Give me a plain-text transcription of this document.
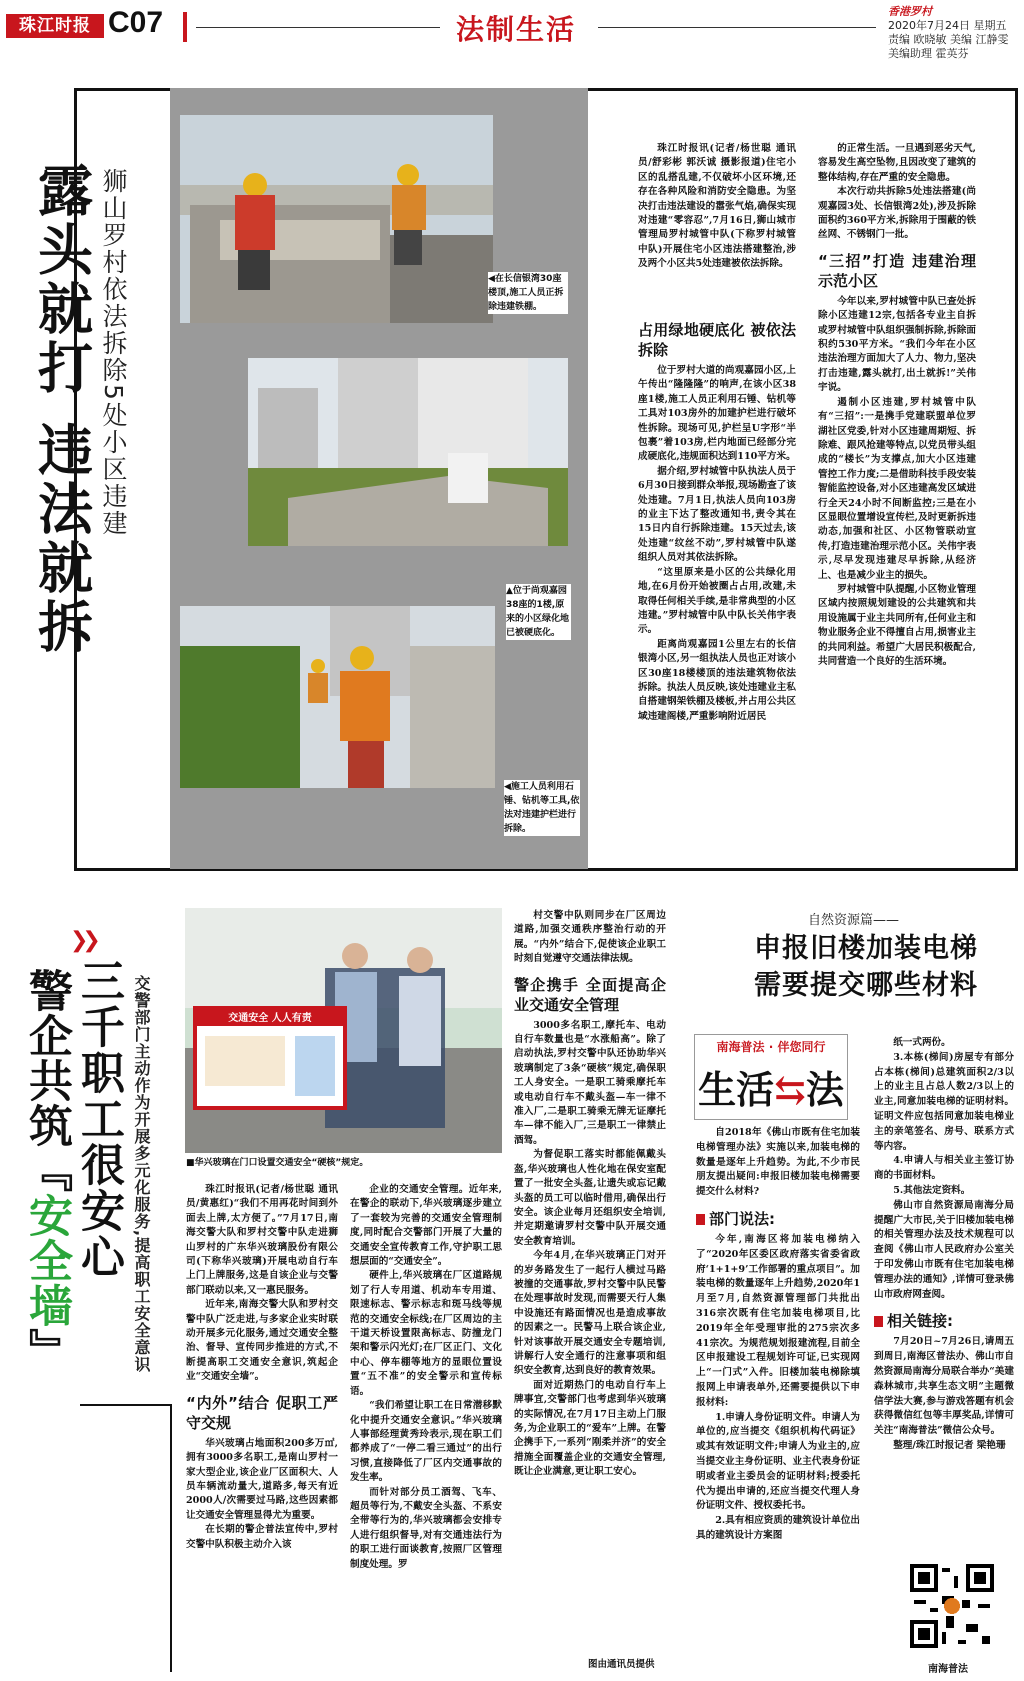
珠江时报 C07	法制生活
香港罗村
2020年7月24日 星期五
责编 欧晓敏 美编 江静雯
美编助理 霍英芬
露头就打 违法就拆 狮山罗村依法拆除5处小区违建	◀在长信银湾30座楼顶,施工人员正拆除违建铁棚。
▲位于尚观嘉园38座的1楼,原来的小区绿化地已被硬底化。
◀施工人员利用石锤、钻机等工具,依法对违建护栏进行拆除。

珠江时报讯(记者/杨世聪 通讯员/舒彩彬 郭沃诚 摄影报道)住宅小区的乱搭乱建,不仅破坏小区环境,还存在各种风险和消防安全隐患。为坚决打击违法建设的嚣张气焰,确保实现对违建“零容忍”,7月16日,狮山城市管理局罗村城管中队(下称罗村城管中队)开展住宅小区违法搭建整治,涉及两个小区共5处违建被依法拆除。

占用绿地硬底化 被依法拆除

位于罗村大道的尚观嘉园小区,上午传出“隆隆隆”的响声,在该小区38座1楼,施工人员正利用石锤、钻机等工具对103房外的加建护栏进行破坏性拆除。现场可见,护栏呈U字形“半包裹”着103房,栏内地面已经部分完成硬底化,违规面积达到110平方米。

据介绍,罗村城管中队执法人员于6月30日接到群众举报,现场勘查了该处违建。7月1日,执法人员向103房的业主下达了整改通知书,责令其在15日内自行拆除违建。15天过去,该处违建“纹丝不动”,罗村城管中队遂组织人员对其依法拆除。

“这里原来是小区的公共绿化用地,在6月份开始被圈占占用,改建,未取得任何相关手续,是非常典型的小区违建。”罗村城管中队中队长关伟宇表示。

距离尚观嘉园1公里左右的长信银湾小区,另一组执法人员也正对该小区30座18楼楼顶的违法建筑物依法拆除。执法人员反映,该处违建业主私自搭建钢架铁棚及楼板,并占用公共区域违建阁楼,严重影响附近居民

的正常生活。一旦遇到恶劣天气,容易发生高空坠物,且因改变了建筑的整体结构,存在严重的安全隐患。

本次行动共拆除5处违法搭建(尚观嘉园3处、长信银湾2处),涉及拆除面积约360平方米,拆除用于围蔽的铁丝网、不锈钢门一批。

“三招”打造 违建治理示范小区

今年以来,罗村城管中队已查处拆除小区违建12宗,包括各专业主自拆或罗村城管中队组织强制拆除,拆除面积约530平方米。“我们今年在小区违法治理方面加大了人力、物力,坚决打击违建,露头就打,出土就拆!”关伟宇说。

遏制小区违建,罗村城管中队有“三招”:一是携手党建联盟单位罗湖社区党委,针对小区违建周期短、拆除难、跟风抢建等特点,以党员带头组成的“楼长”为支撑点,加大小区违建管控工作力度;二是借助科技手段安装智能监控设备,对小区违建高发区域进行全天24小时不间断监控;三是在小区显眼位置增设宣传栏,及时更新拆违动态,加强和社区、小区物管联动宣传,打造违建治理示范小区。关伟宇表示,尽早发现违建尽早拆除,从经济上、也是减少业主的损失。

罗村城管中队提醒,小区物业管理区域内按照规划建设的公共建筑和共用设施属于业主共同所有,任何业主和物业服务企业不得擅自占用,损害业主的共同利益。希望广大居民积极配合,共同营造一个良好的生活环境。

❯❯
警企共筑『安全墙』
三千职工很安心 交警部门主动作为开展多元化服务,提高职工安全意识	交通安全 人人有责
■华兴玻璃在门口设置交通安全“硬核”规定。

珠江时报讯(记者/杨世聪 通讯员/黄惠红)“我们不用再花时间到外面去上牌,太方便了。”7月17日,南海交警大队和罗村交警中队走进狮山罗村的广东华兴玻璃股份有限公司(下称华兴玻璃)开展电动自行车上门上牌服务,这是自该企业与交警部门联动以来,又一惠民服务。

近年来,南海交警大队和罗村交警中队广泛走进,与多家企业实时联动开展多元化服务,通过交通安全整治、督导、宣传同步推进的方式,不断提高职工交通安全意识,筑起企业“交通安全墙”。

“内外”结合 促职工严守交规

华兴玻璃占地面积200多万㎡,拥有3000多名职工,是南山罗村一家大型企业,该企业厂区面积大、人员车辆流动量大,道路多,每天有近2000人/次需要过马路,这些因素都让交通安全管理显得尤为重要。

在长期的警企普法宣传中,罗村交警中队积极主动介入该

企业的交通安全管理。近年来,在警企的联动下,华兴玻璃逐步建立了一套较为完善的交通安全管理制度,同时配合交警部门开展了大量的交通安全宣传教育工作,守护职工思想层面的“交通安全”。

硬件上,华兴玻璃在厂区道路规划了行人专用道、机动车专用道、限速标志、警示标志和斑马线等规范的交通安全标线;在厂区周边的主干道天桥设置限高标志、防撞龙门架和警示闪光灯;在厂区正门、文化中心、停车棚等地方的显眼位置设置“五不准”的安全警示和宣传标语。

“我们希望让职工在日常潜移默化中提升交通安全意识。”华兴玻璃人事部经理黄秀玲表示,现在职工们都养成了“一停二看三通过”的出行习惯,直接降低了厂区内交通事故的发生率。

而针对部分员工酒驾、飞车、超员等行为,不戴安全头盔、不系安全带等行为的,华兴玻璃都会安排专人进行组织督导,对有交通违法行为的职工进行面谈教育,按照厂区管理制度处理。罗

村交警中队则同步在厂区周边道路,加强交通秩序整治行动的开展。“内外”结合下,促使该企业职工时刻自觉遵守交通法律法规。

警企携手 全面提高企业交通安全管理

3000多名职工,摩托车、电动自行车数量也是“水涨船高”。除了启动执法,罗村交警中队还协助华兴玻璃制定了3条“硬核”规定,确保职工人身安全。一是职工骑乘摩托车或电动自行车不戴头盔—车一律不准入厂,二是职工骑乘无牌无证摩托车—律不能入厂,三是职工一律禁止酒驾。

为督促职工落实时都能佩戴头盔,华兴玻璃也人性化地在保安室配置了一批安全头盔,让遗失或忘记戴头盔的员工可以临时借用,确保出行安全。该企业每月还组织安全培训,并定期邀请罗村交警中队开展交通安全教育培训。

今年4月,在华兴玻璃正门对开的岁务路发生了一起行人横过马路被撞的交通事故,罗村交警中队民警在处理事故时发现,而需要天行人集中设施还有路面情况也是造成事故的因素之一。民警马上联合该企业,针对该事故开展交通安全专题培训,讲解行人安全通行的注意事项和组织安全教育,达到良好的教育效果。

面对近期热门的电动自行车上牌事宜,交警部门也考虑到华兴玻璃的实际情况,在7月17日主动上门服务,为企业职工的“爱车”上牌。在警企携手下,一系列“刚柔并济”的安全措施全面覆盖企业的交通安全管理,既让企业满意,更让职工安心。

图由通讯员提供
自然资源篇——
申报旧楼加装电梯 需要提交哪些材料
南海普法 · 伴您同行
生活⇆法

自2018年《佛山市既有住宅加装电梯管理办法》实施以来,加装电梯的数量是逐年上升趋势。为此,不少市民朋友提出疑问:申报旧楼加装电梯需要提交什么材料?

部门说法:

今年,南海区将加装电梯纳入了“2020年区委区政府落实省委省政府‘1+1+9’工作部署的重点项目”。加装电梯的数量逐年上升趋势,2020年1月至7月,自然资源管理部门共批出316宗次既有住宅加装电梯项目,比2019年全年受理审批的275宗次多41宗次。为规范规划报建流程,目前全区申报建设工程规划许可证,已实现网上“一门式”入件。旧楼加装电梯除填报网上申请表单外,还需要提供以下申报材料:

1.申请人身份证明文件。申请人为单位的,应当提交《组织机构代码证》或其有效证明文件;申请人为业主的,应当提交业主身份证明、业主代表身份证明或者业主委员会的证明材料;授委托代为提出申请的,还应当提交代理人身份证明文件、授权委托书。

2.具有相应资质的建筑设计单位出具的建筑设计方案图

纸一式两份。

3.本栋(梯间)房屋专有部分占本栋(梯间)总建筑面积2/3以上的业主且占总人数2/3以上的业主,同意加装电梯的证明材料。证明文件应包括同意加装电梯业主的亲笔签名、房号、联系方式等内容。

4.申请人与相关业主签订协商的书面材料。

5.其他法定资料。

佛山市自然资源局南海分局提醒广大市民,关于旧楼加装电梯的相关管理办法及技术规程可以查阅《佛山市人民政府办公室关于印发佛山市既有住宅加装电梯管理办法的通知》,详情可登录佛山市政府网查阅。

相关链接:

7月20日~7月26日,请周五到周日,南海区普法办、佛山市自然资源局南海分局联合举办“美建森林城市,共享生态文明”主题微信学法大赛,参与游戏答题有机会获得微信红包等丰厚奖品,详情可关注“南海普法”微信公众号。

整理/珠江时报记者 梁艳珊

南海普法
